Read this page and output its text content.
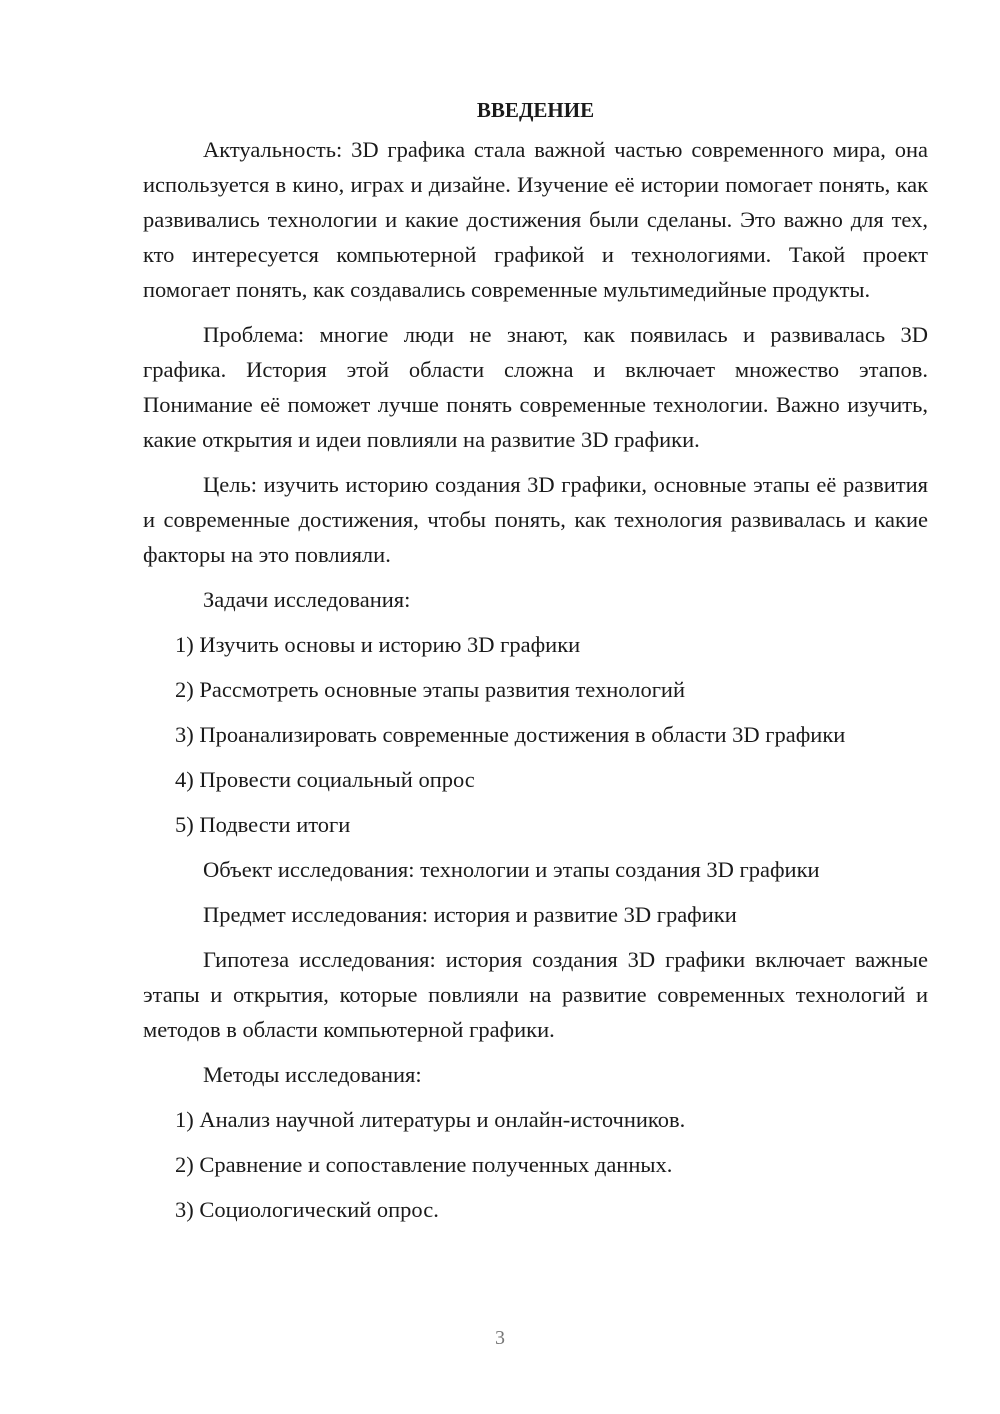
ВВЕДЕНИЕ

Актуальность: 3D графика стала важной частью современного мира, она используется в кино, играх и дизайне. Изучение её истории помогает понять, как развивались технологии и какие достижения были сделаны. Это важно для тех, кто интересуется компьютерной графикой и технологиями. Такой проект помогает понять, как создавались современные мультимедийные продукты.

Проблема: многие люди не знают, как появилась и развивалась 3D графика. История этой области сложна и включает множество этапов. Понимание её поможет лучше понять современные технологии. Важно изучить, какие открытия и идеи повлияли на развитие 3D графики.

Цель: изучить историю создания 3D графики, основные этапы её развития и современные достижения, чтобы понять, как технология развивалась и какие факторы на это повлияли.

Задачи исследования:
1) Изучить основы и историю 3D графики
2) Рассмотреть основные этапы развития технологий
3) Проанализировать современные достижения в области 3D графики
4) Провести социальный опрос
5) Подвести итоги
Объект исследования: технологии и этапы создания 3D графики
Предмет исследования: история и развитие 3D графики

Гипотеза исследования: история создания 3D графики включает важные этапы и открытия, которые повлияли на развитие современных технологий и методов в области компьютерной графики.

Методы исследования:
1) Анализ научной литературы и онлайн-источников.
2) Сравнение и сопоставление полученных данных.
3) Социологический опрос.
3
